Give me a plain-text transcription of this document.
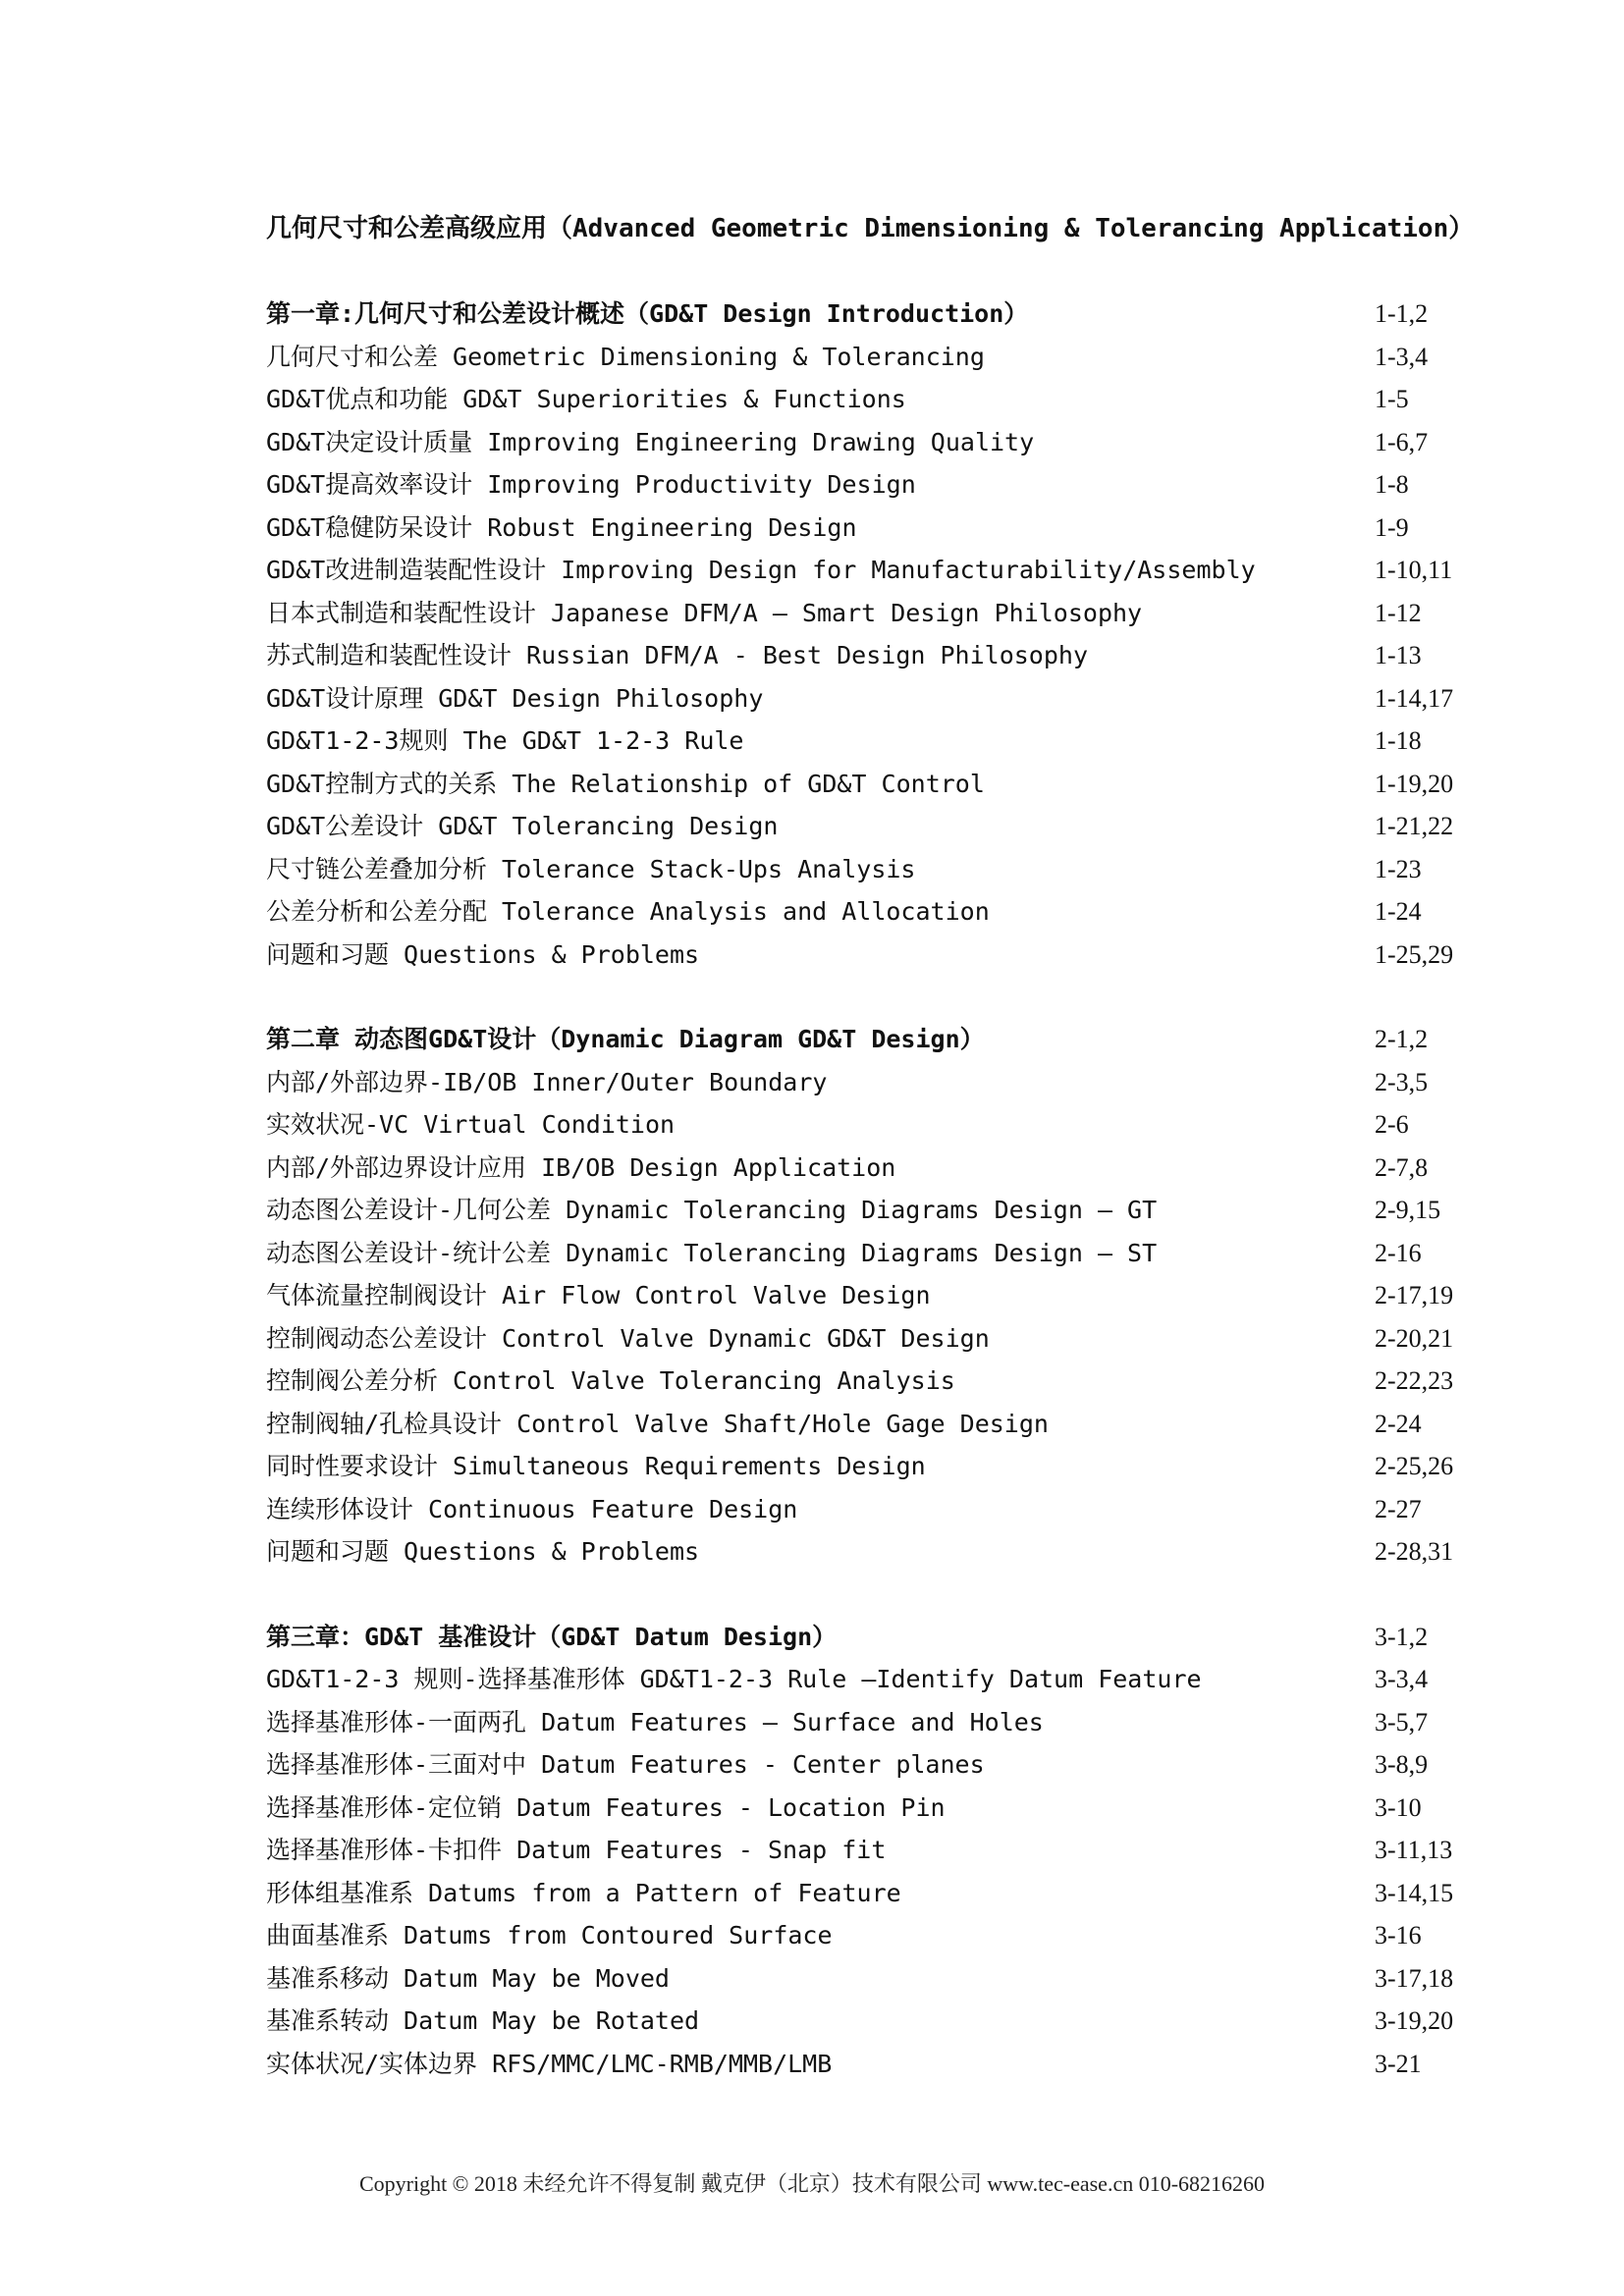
几何尺寸和公差高级应用（Advanced Geometric Dimensioning & Tolerancing Application）
第一章:几何尺寸和公差设计概述（GD&T Design Introduction）	1-1,2
几何尺寸和公差 Geometric Dimensioning & Tolerancing	1-3,4
GD&T优点和功能 GD&T Superiorities & Functions	1-5
GD&T决定设计质量 Improving Engineering Drawing Quality	1-6,7
GD&T提高效率设计 Improving Productivity Design	1-8
GD&T稳健防呆设计 Robust Engineering Design	1-9
GD&T改进制造装配性设计 Improving Design for Manufacturability/Assembly	1-10,11
日本式制造和装配性设计 Japanese DFM/A – Smart Design Philosophy	1-12
苏式制造和装配性设计 Russian DFM/A - Best Design Philosophy	1-13
GD&T设计原理 GD&T Design Philosophy	1-14,17
GD&T1-2-3规则 The GD&T 1-2-3 Rule	1-18
GD&T控制方式的关系 The Relationship of GD&T Control	1-19,20
GD&T公差设计 GD&T Tolerancing Design	1-21,22
尺寸链公差叠加分析 Tolerance Stack-Ups Analysis	1-23
公差分析和公差分配 Tolerance Analysis and Allocation	1-24
问题和习题 Questions & Problems	1-25,29
第二章 动态图GD&T设计（Dynamic Diagram GD&T Design）	2-1,2
内部/外部边界-IB/OB Inner/Outer Boundary	2-3,5
实效状况-VC Virtual Condition	2-6
内部/外部边界设计应用 IB/OB Design Application	2-7,8
动态图公差设计-几何公差 Dynamic Tolerancing Diagrams Design – GT	2-9,15
动态图公差设计-统计公差 Dynamic Tolerancing Diagrams Design – ST	2-16
气体流量控制阀设计 Air Flow Control Valve Design	2-17,19
控制阀动态公差设计 Control Valve Dynamic GD&T Design	2-20,21
控制阀公差分析 Control Valve Tolerancing Analysis	2-22,23
控制阀轴/孔检具设计 Control Valve Shaft/Hole Gage Design	2-24
同时性要求设计 Simultaneous Requirements Design	2-25,26
连续形体设计 Continuous Feature Design	2-27
问题和习题 Questions & Problems	2-28,31
第三章：GD&T 基准设计（GD&T Datum Design）	3-1,2
GD&T1-2-3 规则-选择基准形体 GD&T1-2-3 Rule –Identify Datum Feature	3-3,4
选择基准形体-一面两孔 Datum Features – Surface and Holes	3-5,7
选择基准形体-三面对中 Datum Features - Center planes	3-8,9
选择基准形体-定位销 Datum Features - Location Pin	3-10
选择基准形体-卡扣件 Datum Features - Snap fit	3-11,13
形体组基准系 Datums from a Pattern of Feature	3-14,15
曲面基准系 Datums from Contoured Surface	3-16
基准系移动 Datum May be Moved	3-17,18
基准系转动 Datum May be Rotated	3-19,20
实体状况/实体边界 RFS/MMC/LMC-RMB/MMB/LMB	3-21
Copyright © 2018 未经允许不得复制 戴克伊（北京）技术有限公司 www.tec-ease.cn 010-68216260
